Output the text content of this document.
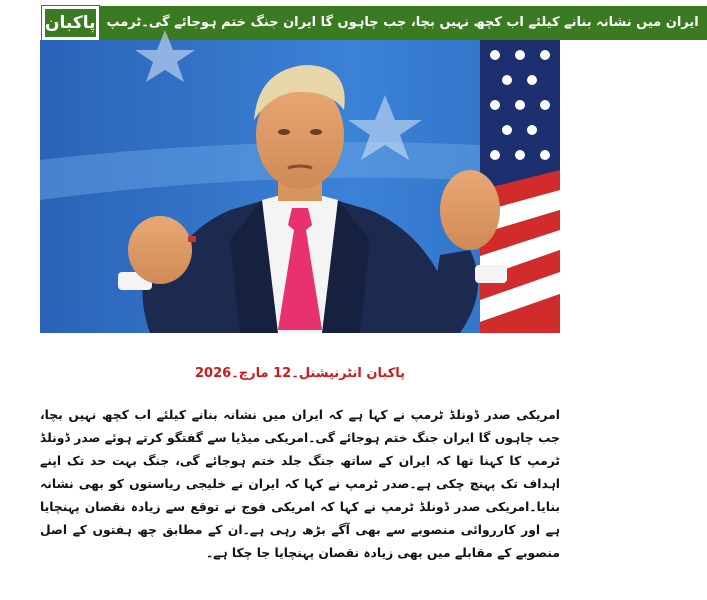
پاکبان ایران میں نشانہ بنانے کیلئے اب کچھ نہیں بچا، جب چاہوں گا ایران جنگ ختم ہوجائے گی۔ٹرمپ
پاکبان انٹرنیشنل۔12 مارچ۔2026
امریکی صدر ڈونلڈ ٹرمپ نے کہا ہے کہ ایران میں نشانہ بنانے کیلئے اب کچھ نہیں بچا، جب چاہوں گا ایران جنگ ختم ہوجائے گی۔امریکی میڈیا سے گفتگو کرتے ہوئے صدر ڈونلڈ ٹرمپ کا کہنا تھا کہ ایران کے ساتھ جنگ جلد ختم ہوجائے گی، جنگ بہت حد تک اپنے اہداف تک پہنچ چکی ہے۔صدر ٹرمپ نے کہا کہ ایران نے خلیجی ریاستوں کو بھی نشانہ بنایا۔امریکی صدر ڈونلڈ ٹرمپ نے کہا کہ امریکی فوج نے توقع سے زیادہ نقصان پہنچایا ہے اور کارروائی منصوبے سے بھی آگے بڑھ رہی ہے۔ان کے مطابق چھ ہفتوں کے اصل منصوبے کے مقابلے میں بھی زیادہ نقصان پہنچایا جا چکا ہے۔
